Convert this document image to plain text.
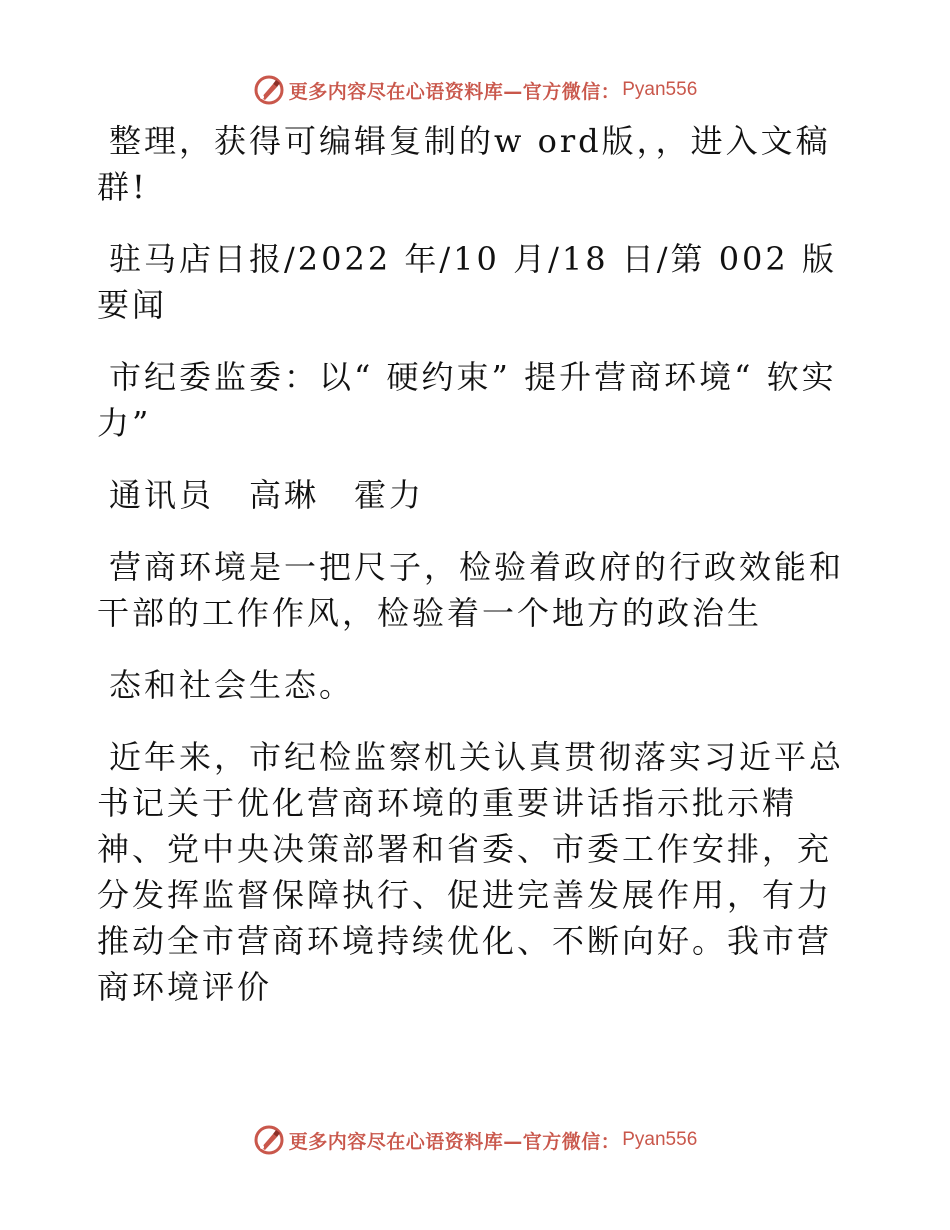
更多内容尽在心语资料库—官方微信： Pyan556

整理，获得可编辑复制的w ord版，，进入文稿群!

驻马店日报/2022 年/10 月/18 日/第 002 版要闻

市纪委监委：以“ 硬约束” 提升营商环境“ 软实力”

通讯员　高琳　霍力

营商环境是一把尺子，检验着政府的行政效能和干部的工作作风，检验着一个地方的政治生

态和社会生态。

近年来，市纪检监察机关认真贯彻落实习近平总书记关于优化营商环境的重要讲话指示批示精神、党中央决策部署和省委、市委工作安排，充分发挥监督保障执行、促进完善发展作用，有力推动全市营商环境持续优化、不断向好。我市营商环境评价

更多内容尽在心语资料库—官方微信： Pyan556
